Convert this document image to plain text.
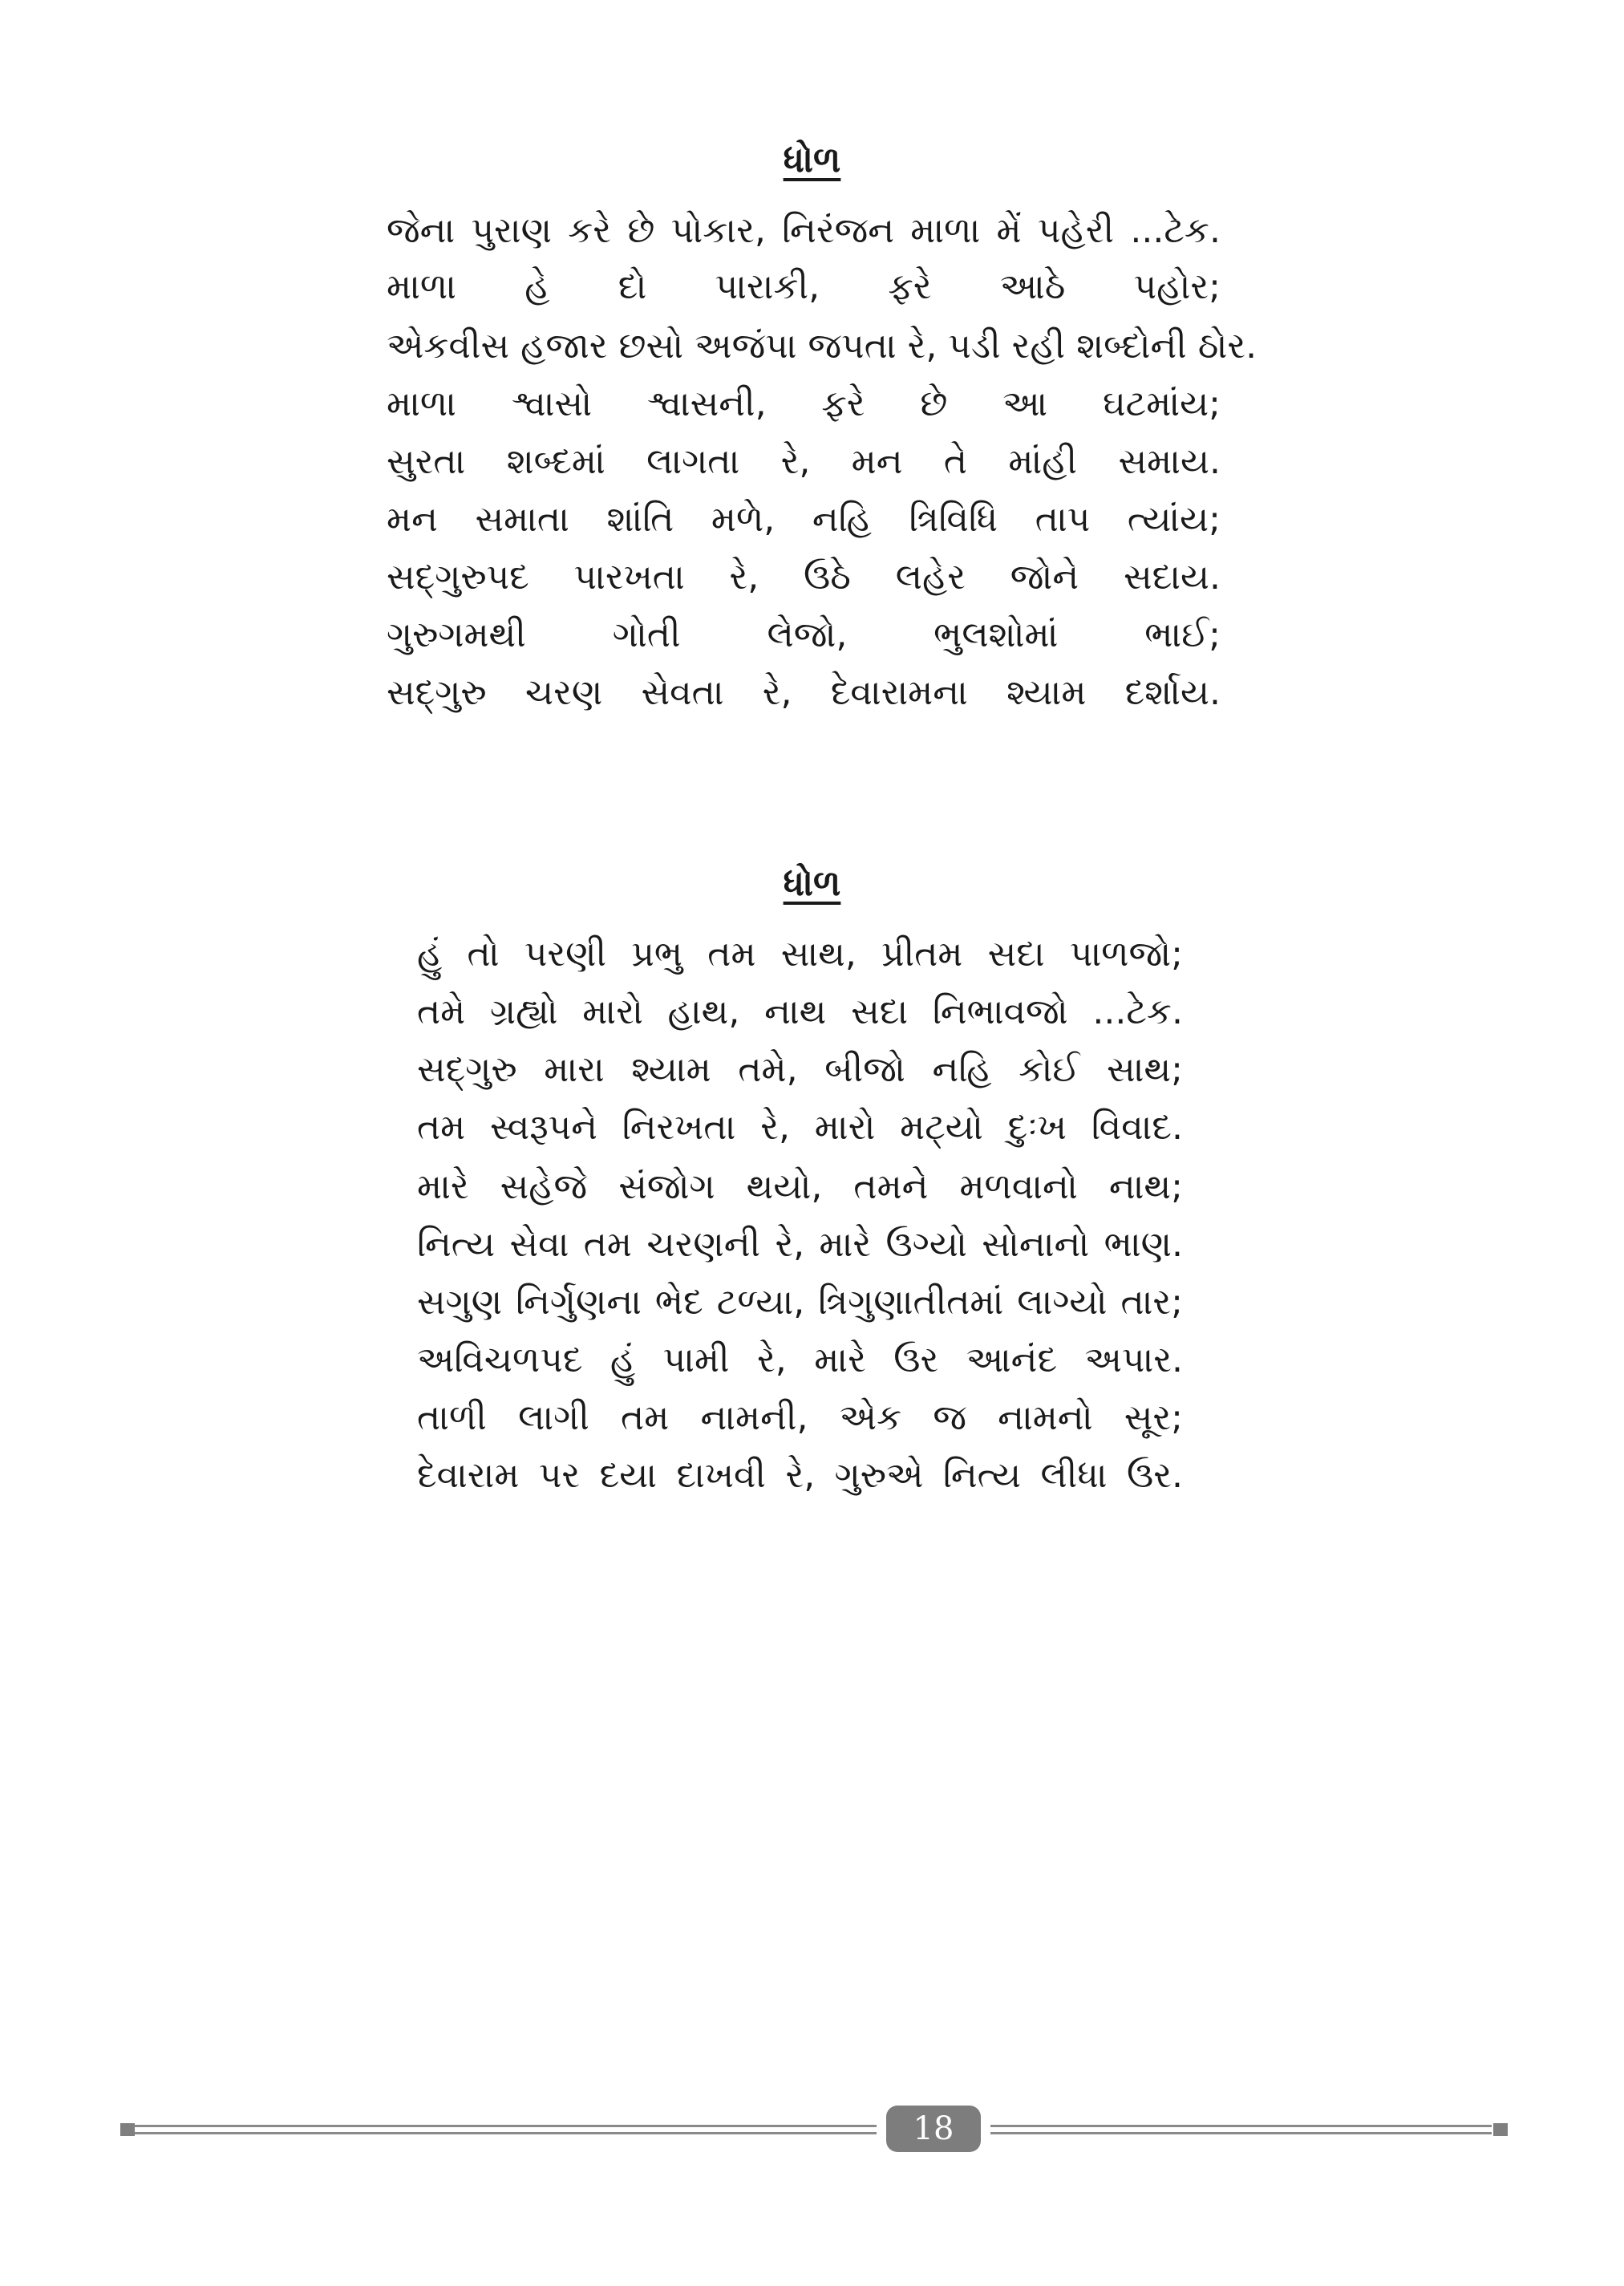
ધોળ
જેના પુરાણ કરે છે પોકાર, નિરંજન માળા મેં પહેરી ...ટેક.
માળા હે દો પારાકી, ફરે આઠે પહોર;
એકવીસ હજાર છસો અજંપા જપતા રે, પડી રહી શબ્દોની ઠોર.
માળા શ્વાસો શ્વાસની, ફરે છે આ ઘટમાંય;
સુરતા શબ્દમાં લાગતા રે, મન તે માંહી સમાય.
મન સમાતા શાંતિ મળે, નહિ ત્રિવિધિ તાપ ત્યાંય;
સદ્‌ગુરુપદ પારખતા રે, ઉઠે લહેર જોને સદાય.
ગુરુગમથી ગોતી લેજો, ભુલશોમાં ભાઈ;
સદ્‌ગુરુ ચરણ સેવતા રે, દેવારામના શ્યામ દર્શાય.
ધોળ
હું તો પરણી પ્રભુ તમ સાથ, પ્રીતમ સદા પાળજો;
તમે ગ્રહ્યો મારો હાથ, નાથ સદા નિભાવજો ...ટેક.
સદ્‌ગુરુ મારા શ્યામ તમે, બીજો નહિ કોઈ સાથ;
તમ સ્વરૂપને નિરખતા રે, મારો મટ્યો દુઃખ વિવાદ.
મારે સહેજે સંજોગ થયો, તમને મળવાનો નાથ;
નિત્ય સેવા તમ ચરણની રે, મારે ઉગ્યો સોનાનો ભાણ.
સગુણ નિર્ગુણના ભેદ ટળ્યા, ત્રિગુણાતીતમાં લાગ્યો તાર;
અવિચળપદ હું પામી રે, મારે ઉર આનંદ અપાર.
તાળી લાગી તમ નામની, એક જ નામનો સૂર;
દેવારામ પર દયા દાખવી રે, ગુરુએ નિત્ય લીધા ઉર.
18
